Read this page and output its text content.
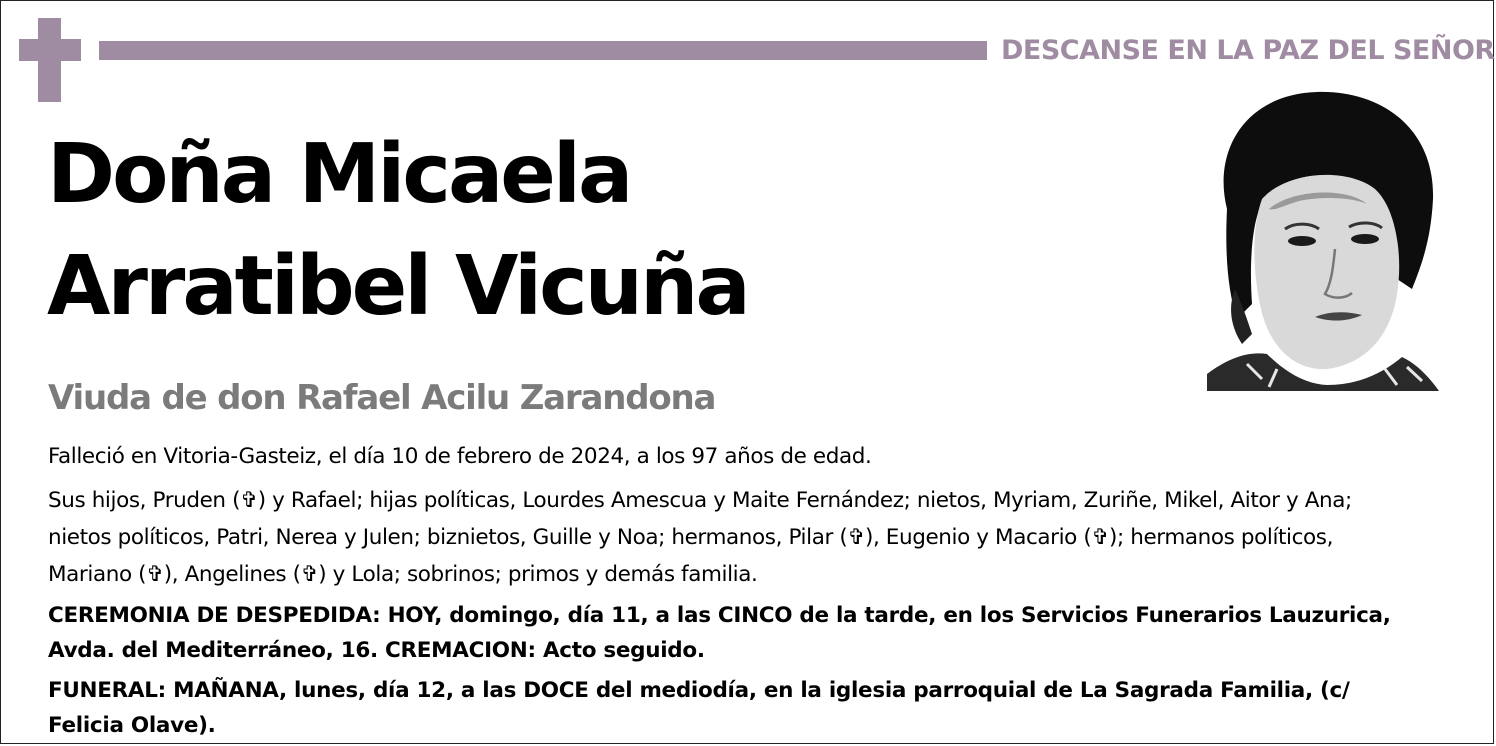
DESCANSE EN LA PAZ DEL SEÑOR
Doña Micaela
Arratibel Vicuña
Viuda de don Rafael Acilu Zarandona
Falleció en Vitoria-Gasteiz, el día 10 de febrero de 2024, a los 97 años de edad.
Sus hijos, Pruden (✞) y Rafael; hijas políticas, Lourdes Amescua y Maite Fernández; nietos, Myriam, Zuriñe, Mikel, Aitor y Ana;
nietos políticos, Patri, Nerea y Julen; biznietos, Guille y Noa; hermanos, Pilar (✞), Eugenio y Macario (✞); hermanos políticos,
Mariano (✞), Angelines (✞) y Lola; sobrinos; primos y demás familia.
CEREMONIA DE DESPEDIDA: HOY, domingo, día 11, a las CINCO de la tarde, en los Servicios Funerarios Lauzurica,
Avda. del Mediterráneo, 16. CREMACION: Acto seguido.
FUNERAL: MAÑANA, lunes, día 12, a las DOCE del mediodía, en la iglesia parroquial de La Sagrada Familia, (c/
Felicia Olave).
